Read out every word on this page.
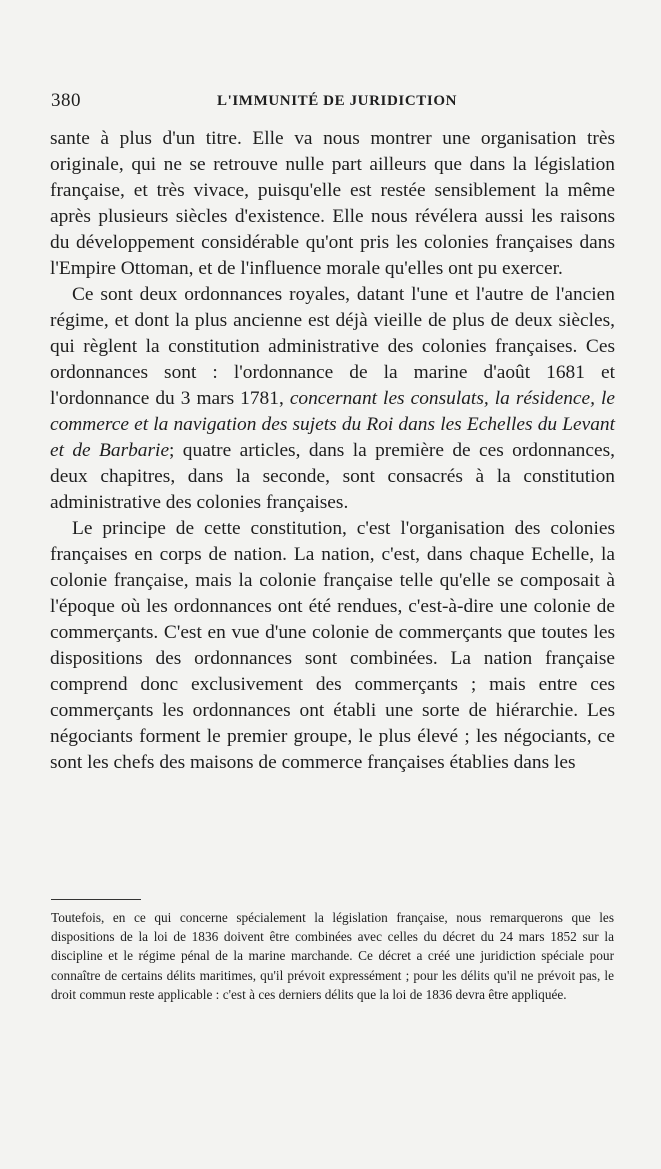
380	L'IMMUNITÉ DE JURIDICTION

sante à plus d'un titre. Elle va nous montrer une organisation très originale, qui ne se retrouve nulle part ailleurs que dans la législation française, et très vivace, puisqu'elle est restée sensiblement la même après plusieurs siècles d'existence. Elle nous révélera aussi les raisons du développement considérable qu'ont pris les colonies françaises dans l'Empire Ottoman, et de l'influence morale qu'elles ont pu exercer.

Ce sont deux ordonnances royales, datant l'une et l'autre de l'ancien régime, et dont la plus ancienne est déjà vieille de plus de deux siècles, qui règlent la constitution administrative des colonies françaises. Ces ordonnances sont : l'ordonnance de la marine d'août 1681 et l'ordonnance du 3 mars 1781, concernant les consulats, la résidence, le commerce et la navigation des sujets du Roi dans les Echelles du Levant et de Barbarie; quatre articles, dans la première de ces ordonnances, deux chapitres, dans la seconde, sont consacrés à la constitution administrative des colonies françaises.

Le principe de cette constitution, c'est l'organisation des colonies françaises en corps de nation. La nation, c'est, dans chaque Echelle, la colonie française, mais la colonie française telle qu'elle se composait à l'époque où les ordonnances ont été rendues, c'est-à-dire une colonie de commerçants. C'est en vue d'une colonie de commerçants que toutes les dispositions des ordonnances sont combinées. La nation française comprend donc exclusivement des commerçants ; mais entre ces commerçants les ordonnances ont établi une sorte de hiérarchie. Les négociants forment le premier groupe, le plus élevé ; les négociants, ce sont les chefs des maisons de commerce françaises établies dans les

Toutefois, en ce qui concerne spécialement la législation française, nous remarquerons que les dispositions de la loi de 1836 doivent être combinées avec celles du décret du 24 mars 1852 sur la discipline et le régime pénal de la marine marchande. Ce décret a créé une juridiction spéciale pour connaître de certains délits maritimes, qu'il prévoit expressément ; pour les délits qu'il ne prévoit pas, le droit commun reste applicable : c'est à ces derniers délits que la loi de 1836 devra être appliquée.
